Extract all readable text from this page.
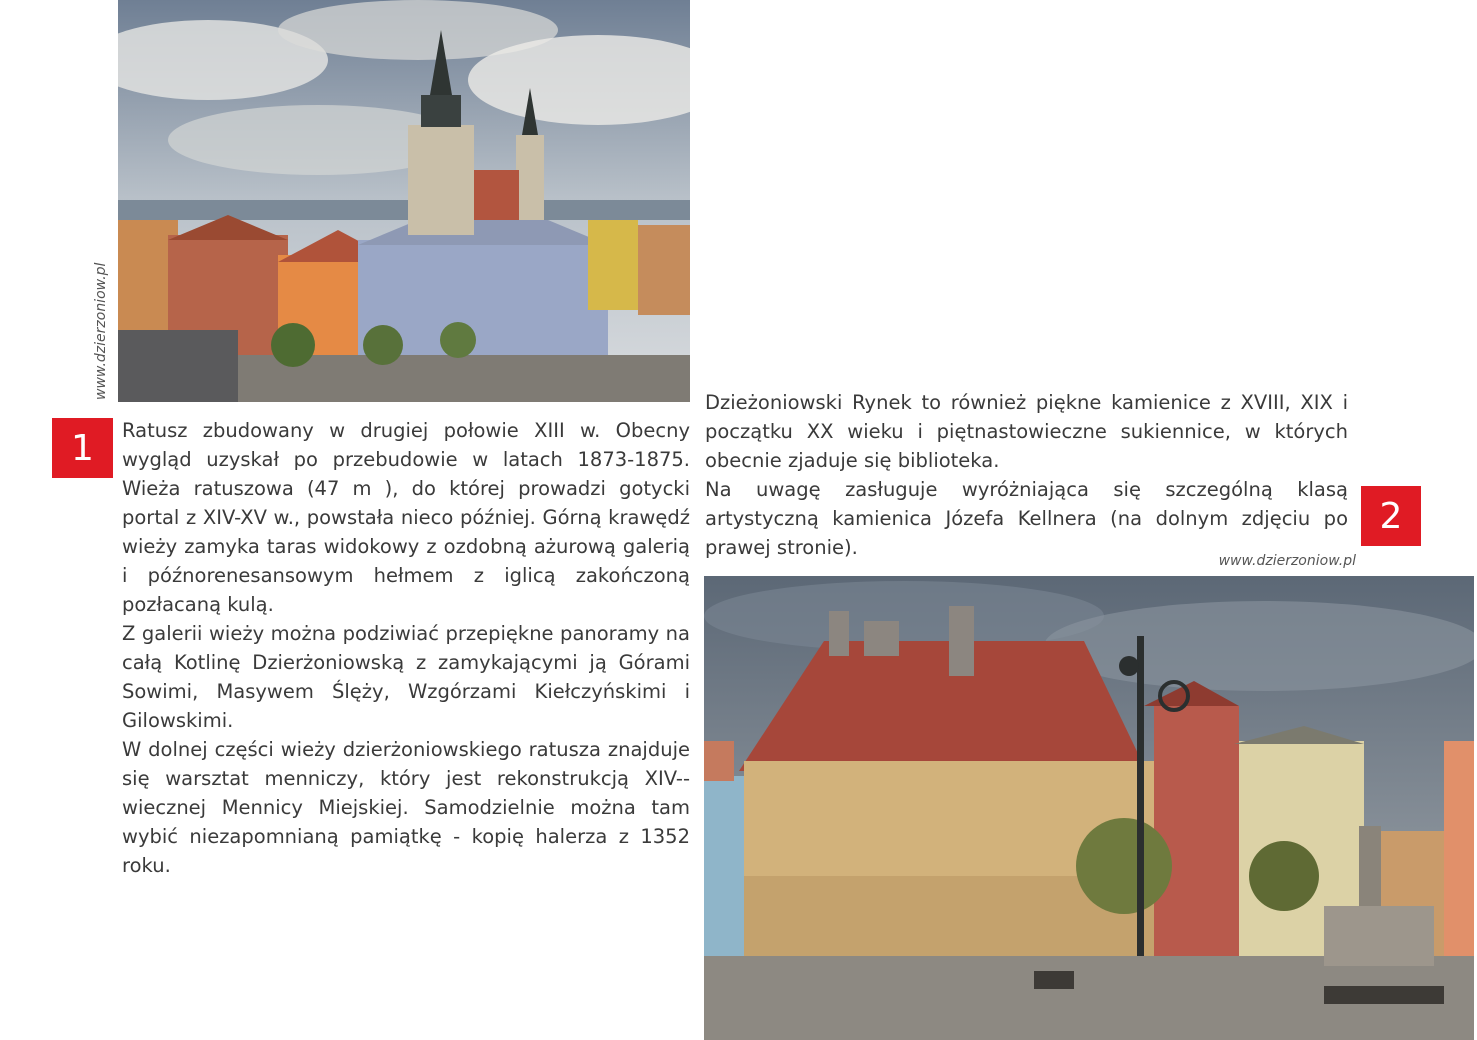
www.dzierzoniow.pl
1	Ratusz zbudowany w drugiej połowie XIII w. Obecny wygląd uzyskał po przebudowie w latach 1873-1875. Wieża ratuszowa (47 m ), do której prowadzi gotycki portal z XIV-XV w., powstała nieco później. Górną krawędź wieży zamyka taras widokowy z ozdobną ażurową galerią i późnorenesansowym hełmem z iglicą zakończoną pozłacaną kulą.

Z galerii wieży można podziwiać przepiękne panoramy na całą Kotlinę Dzierżoniowską z zamykającymi ją Górami Sowimi, Masywem Ślęży, Wzgórzami Kiełczyńskimi i Gilowskimi.

W dolnej części wieży dzierżoniowskiego ratusza znajduje się warsztat menniczy, który jest rekonstrukcją XIV--wiecznej Mennicy Miejskiej. Samodzielnie można tam wybić niezapomnianą pamiątkę - kopię halerza z 1352 roku.

Dzieżoniowski Rynek to również piękne kamienice z XVIII, XIX i początku XX wieku i piętnastowieczne sukiennice, w których obecnie zjaduje się biblioteka.

Na uwagę zasługuje wyróżniająca się szczególną klasą artystyczną kamienica Józefa Kellnera (na dolnym zdjęciu po prawej stronie).

2
www.dzierzoniow.pl
